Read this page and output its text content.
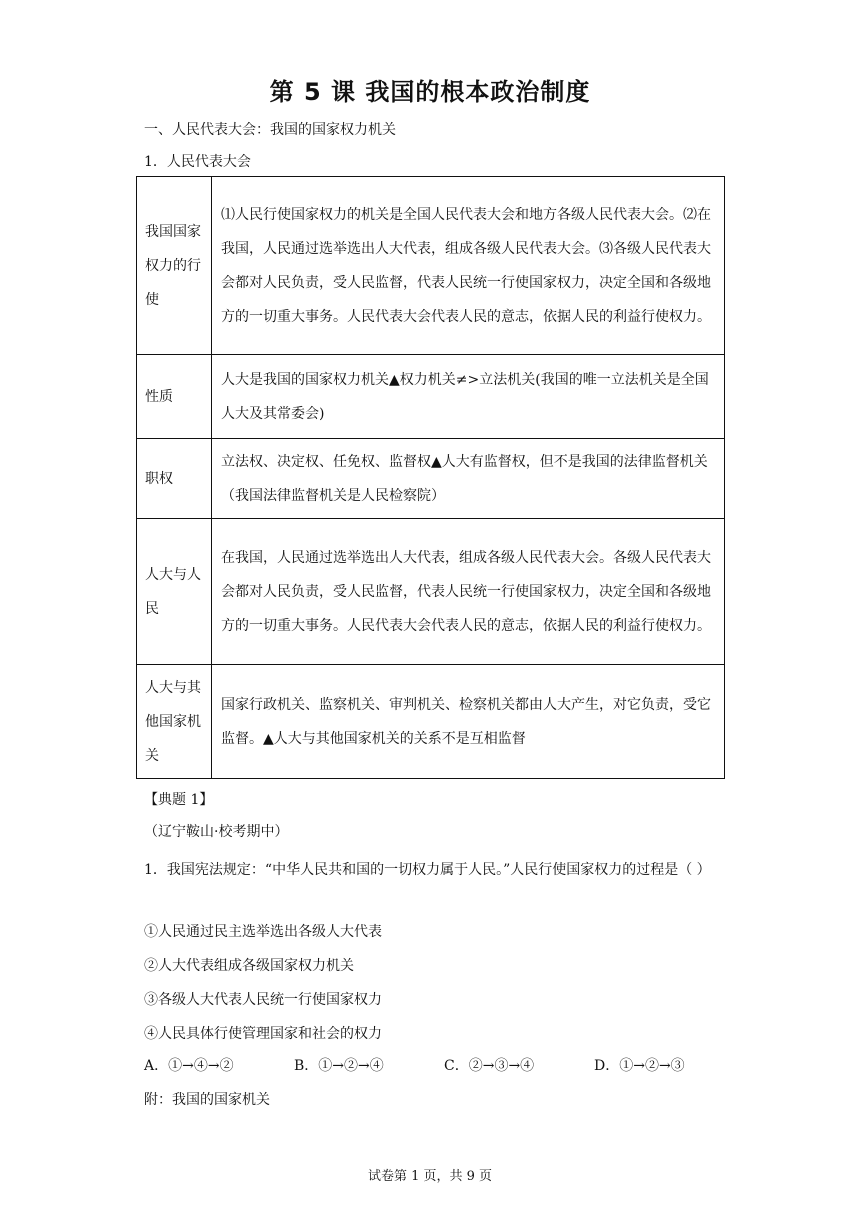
第 5 课 我国的根本政治制度
一、人民代表大会：我国的国家权力机关
1．人民代表大会
我国国家权力的行使	⑴人民行使国家权力的机关是全国人民代表大会和地方各级人民代表大会。⑵在我国，人民通过选举选出人大代表，组成各级人民代表大会。⑶各级人民代表大会都对人民负责，受人民监督，代表人民统一行使国家权力，决定全国和各级地方的一切重大事务。人民代表大会代表人民的意志，依据人民的利益行使权力。
性质	人大是我国的国家权力机关▲权力机关≠>立法机关(我国的唯一立法机关是全国人大及其常委会)
职权	立法权、决定权、任免权、监督权▲人大有监督权，但不是我国的法律监督机关（我国法律监督机关是人民检察院）
人大与人民	在我国，人民通过选举选出人大代表，组成各级人民代表大会。各级人民代表大会都对人民负责，受人民监督，代表人民统一行使国家权力，决定全国和各级地方的一切重大事务。人民代表大会代表人民的意志，依据人民的利益行使权力。
人大与其他国家机关	国家行政机关、监察机关、审判机关、检察机关都由人大产生，对它负责，受它监督。▲人大与其他国家机关的关系不是互相监督
【典题 1】
（辽宁鞍山·校考期中）
1．我国宪法规定：“中华人民共和国的一切权力属于人民。”人民行使国家权力的过程是（ ）
①人民通过民主选举选出各级人大代表
②人大代表组成各级国家权力机关
③各级人大代表人民统一行使国家权力
④人民具体行使管理国家和社会的权力
A．①→④→②	B．①→②→④	C．②→③→④	D．①→②→③
附：我国的国家机关
试卷第 1 页，共 9 页
